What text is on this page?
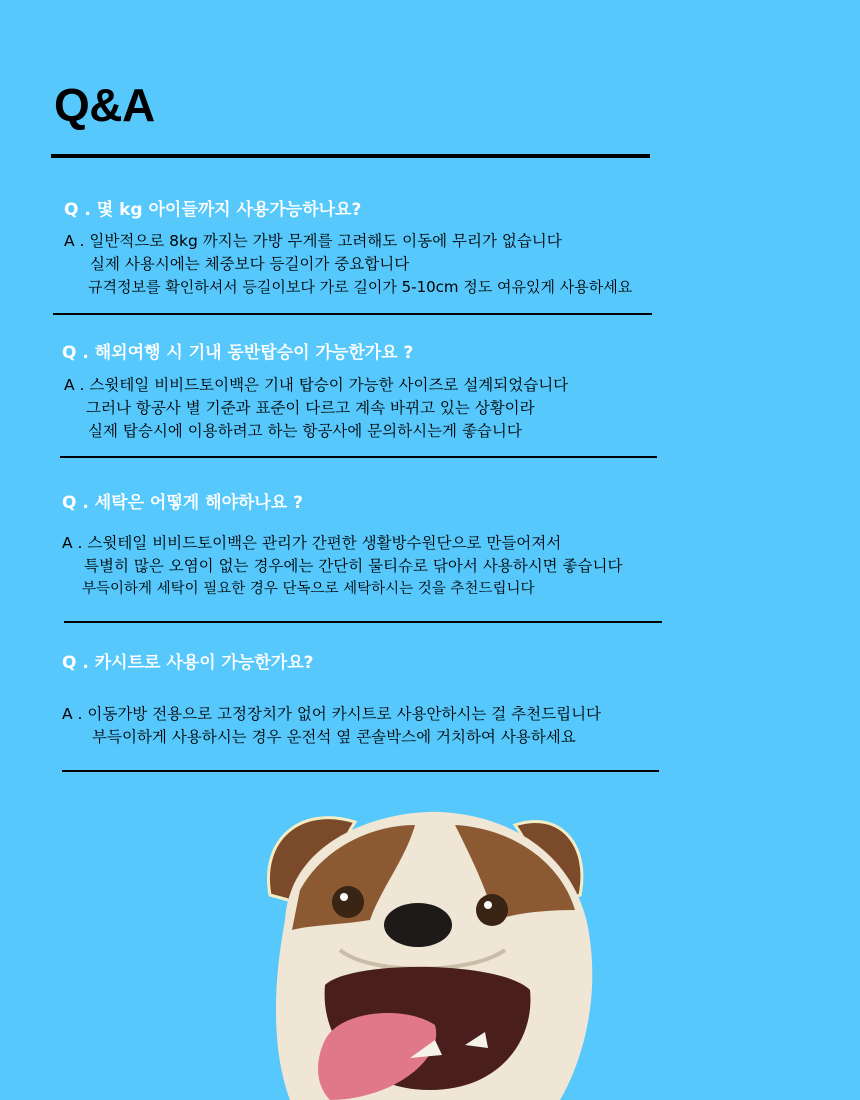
Q&A

Q . 몇 kg 아이들까지 사용가능하나요?

A . 일반적으로 8kg 까지는 가방 무게를 고려해도 이동에 무리가 없습니다
실제 사용시에는 체중보다 등길이가 중요합니다
규격정보를 확인하셔서 등길이보다 가로 길이가 5-10cm 정도 여유있게 사용하세요

Q . 해외여행 시 기내 동반탑승이 가능한가요 ?

A . 스윗테일 비비드토이백은 기내 탑승이 가능한 사이즈로 설계되었습니다
그러나 항공사 별 기준과 표준이 다르고 계속 바뀌고 있는 상황이라
실제 탑승시에 이용하려고 하는 항공사에 문의하시는게 좋습니다

Q . 세탁은 어떻게 해야하나요 ?

A . 스윗테일 비비드토이백은 관리가 간편한 생활방수원단으로 만들어져서
특별히 많은 오염이 없는 경우에는 간단히 물티슈로 닦아서 사용하시면 좋습니다
부득이하게 세탁이 필요한 경우 단독으로 세탁하시는 것을 추천드립니다

Q . 카시트로 사용이 가능한가요?

A . 이동가방 전용으로 고정장치가 없어 카시트로 사용안하시는 걸 추천드립니다
부득이하게 사용하시는 경우 운전석 옆 콘솔박스에 거치하여 사용하세요
